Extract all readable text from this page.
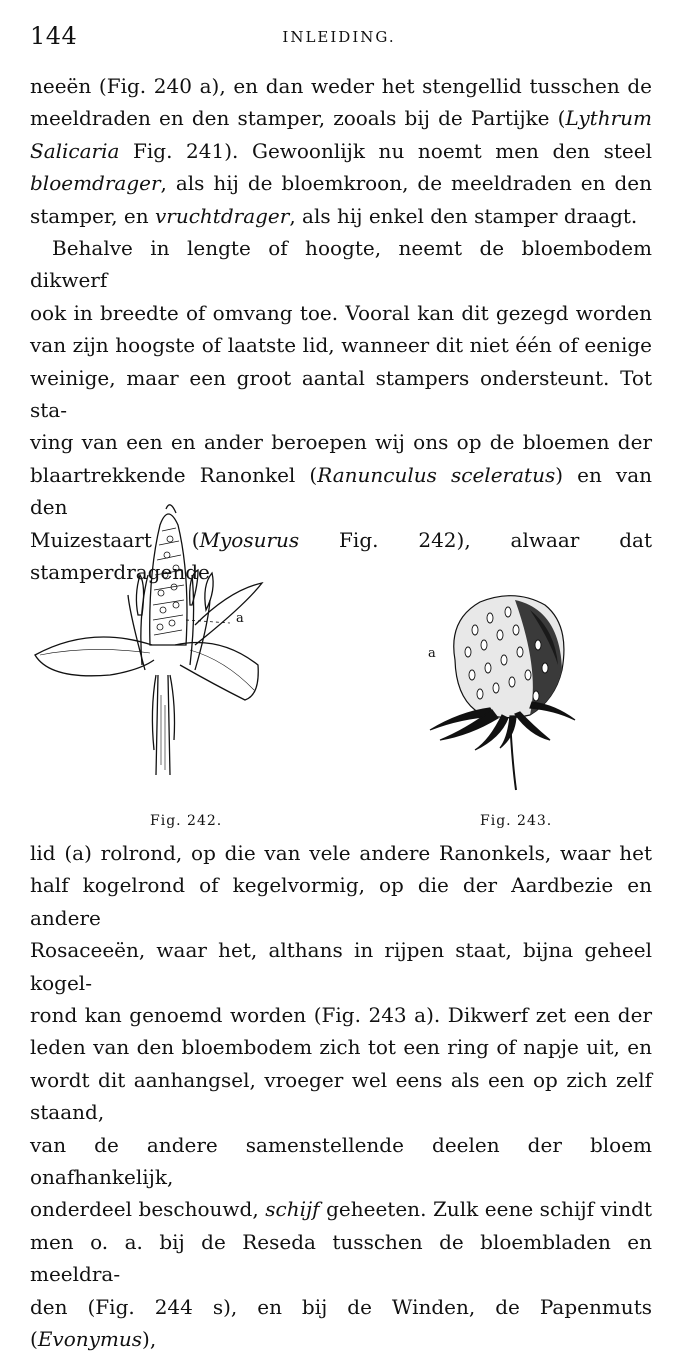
144	INLEIDING.

neeën (Fig. 240 a), en dan weder het stengellid tusschen de

meeldraden en den stamper, zooals bij de Partijke (Lythrum

Salicaria Fig. 241). Gewoonlijk nu noemt men den steel

bloemdrager, als hij de bloemkroon, de meeldraden en den

stamper, en vruchtdrager, als hij enkel den stamper draagt.

Behalve in lengte of hoogte, neemt de bloembodem dikwerf

ook in breedte of omvang toe. Vooral kan dit gezegd worden

van zijn hoogste of laatste lid, wanneer dit niet één of eenige

weinige, maar een groot aantal stampers ondersteunt. Tot sta-

ving van een en ander beroepen wij ons op de bloemen der

blaartrekkende Ranonkel (Ranunculus sceleratus) en van den

Muizestaart (Myosurus Fig. 242), alwaar dat stamperdragende

a
Fig. 242.
a
Fig. 243.

lid (a) rolrond, op die van vele andere Ranonkels, waar het

half kogelrond of kegelvormig, op die der Aardbezie en andere

Rosaceeën, waar het, althans in rijpen staat, bijna geheel kogel-

rond kan genoemd worden (Fig. 243 a). Dikwerf zet een der

leden van den bloembodem zich tot een ring of napje uit, en

wordt dit aanhangsel, vroeger wel eens als een op zich zelf staand,

van de andere samenstellende deelen der bloem onafhankelijk,

onderdeel beschouwd, schijf geheeten. Zulk eene schijf vindt

men o. a. bij de Reseda tusschen de bloembladen en meeldra-

den (Fig. 244 s), en bij de Winden, de Papenmuts (Evonymus),
